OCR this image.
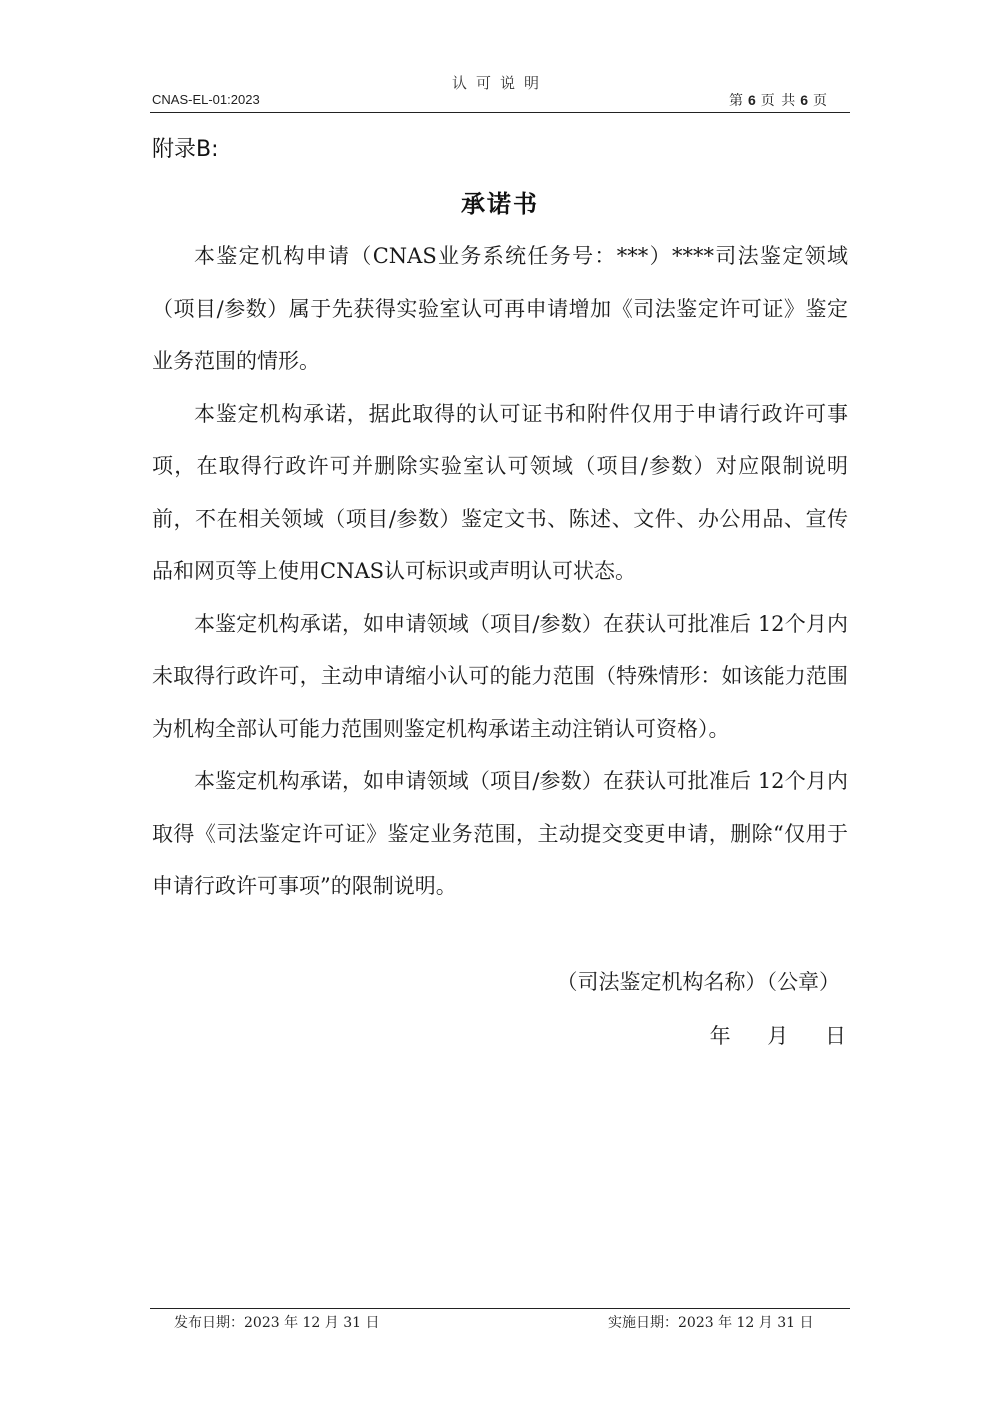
认可说明
CNAS-EL-01:2023	第 6 页 共 6 页
附录B:
承诺书

本鉴定机构申请（CNAS业务系统任务号：***）****司法鉴定领域（项目/参数）属于先获得实验室认可再申请增加《司法鉴定许可证》鉴定业务范围的情形。

本鉴定机构承诺，据此取得的认可证书和附件仅用于申请行政许可事项，在取得行政许可并删除实验室认可领域（项目/参数）对应限制说明前，不在相关领域（项目/参数）鉴定文书、陈述、文件、办公用品、宣传品和网页等上使用CNAS认可标识或声明认可状态。

本鉴定机构承诺，如申请领域（项目/参数）在获认可批准后 12个月内未取得行政许可，主动申请缩小认可的能力范围（特殊情形：如该能力范围为机构全部认可能力范围则鉴定机构承诺主动注销认可资格）。

本鉴定机构承诺，如申请领域（项目/参数）在获认可批准后 12个月内取得《司法鉴定许可证》鉴定业务范围，主动提交变更申请，删除“仅用于申请行政许可事项”的限制说明。

（司法鉴定机构名称）（公章）
年    月    日
发布日期：2023 年 12 月 31 日	实施日期：2023 年 12 月 31 日
